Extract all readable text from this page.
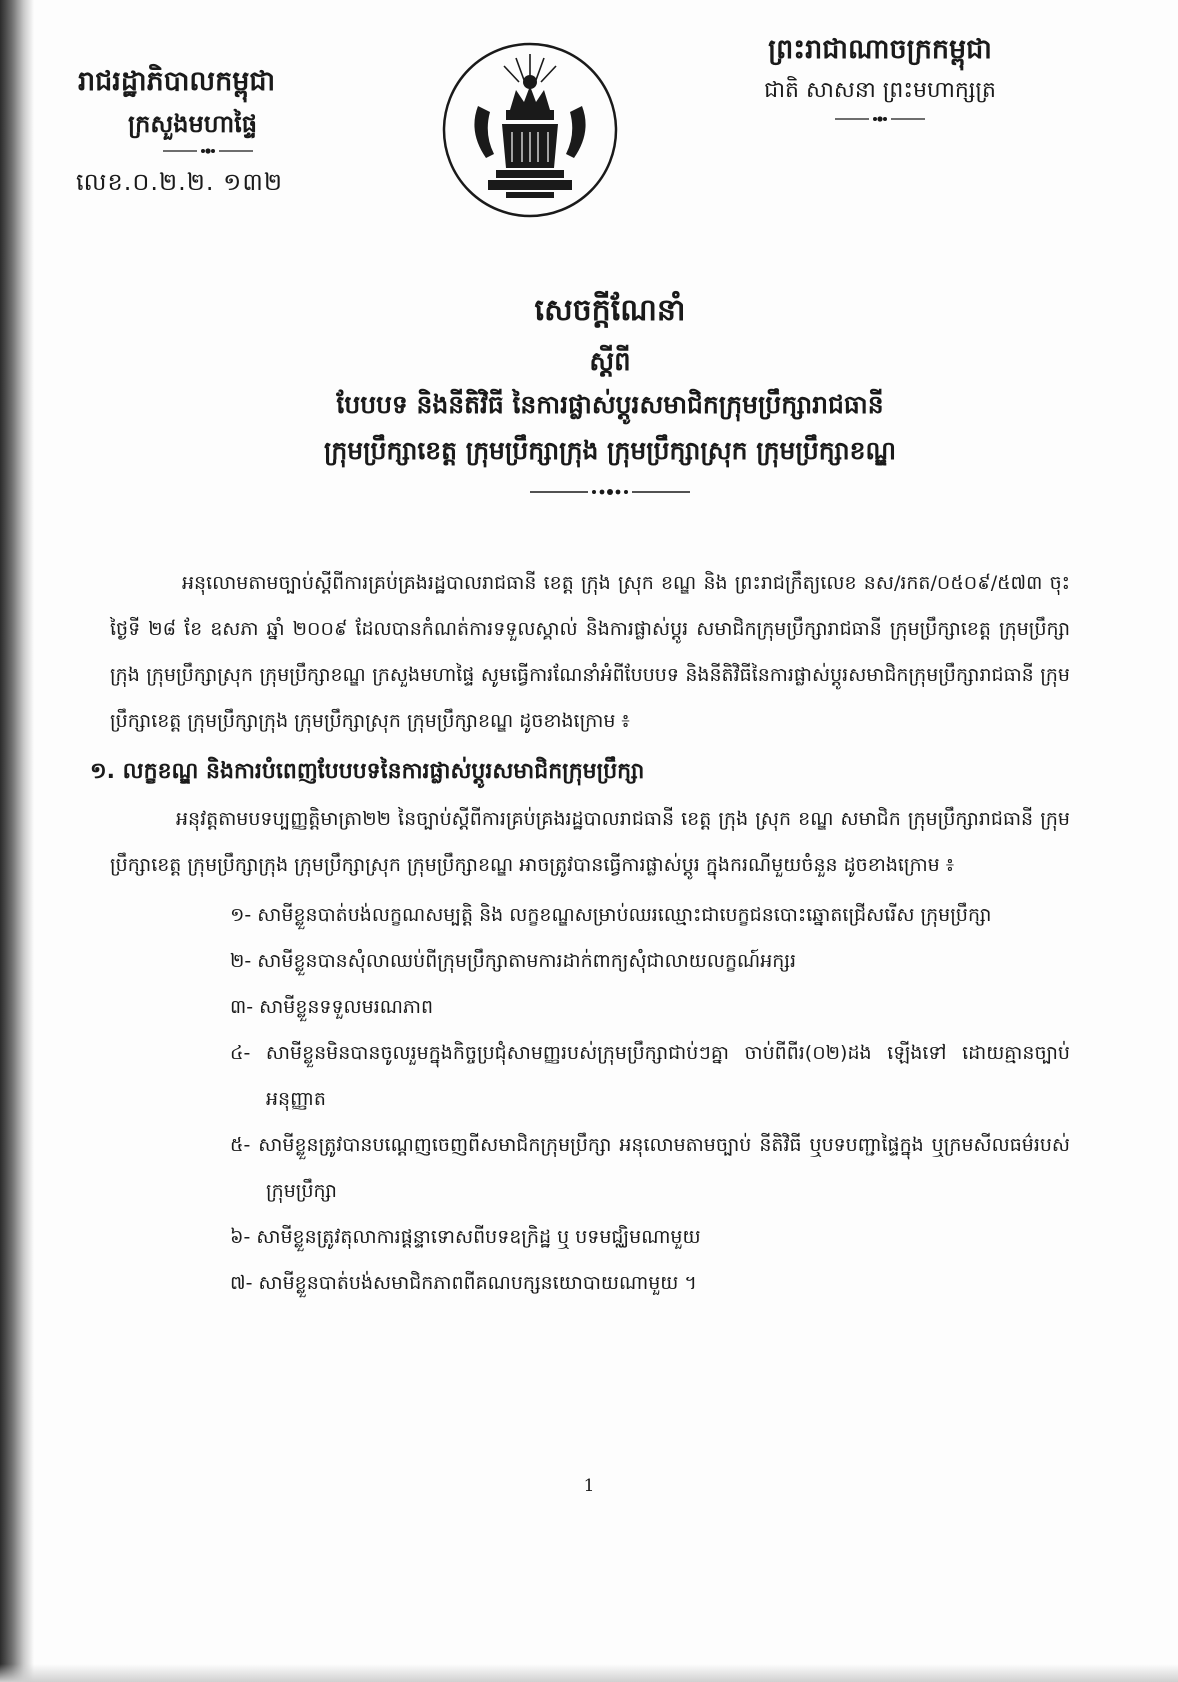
រាជរដ្ឋាភិបាលកម្ពុជា

ក្រសួងមហាផ្ទៃ

លេខ.០.២.២. ១៣២

ព្រះរាជាណាចក្រកម្ពុជា

ជាតិ សាសនា ព្រះមហាក្សត្រ

សេចក្ដីណែនាំ

ស្ដីពី

បែបបទ និងនីតិវិធី នៃការផ្លាស់ប្ដូរសមាជិកក្រុមប្រឹក្សារាជធានី

ក្រុមប្រឹក្សាខេត្ត ក្រុមប្រឹក្សាក្រុង ក្រុមប្រឹក្សាស្រុក ក្រុមប្រឹក្សាខណ្ឌ

អនុលោមតាមច្បាប់ស្ដីពីការគ្រប់គ្រងរដ្ឋបាលរាជធានី ខេត្ត ក្រុង ស្រុក ខណ្ឌ និង ព្រះរាជក្រឹត្យលេខ នស/រកត/០៥០៩/៥៧៣ ចុះថ្ងៃទី ២៨ ខែ ឧសភា ឆ្នាំ ២០០៩ ដែលបានកំណត់ការទទួលស្គាល់ និងការផ្លាស់ប្ដូរ សមាជិកក្រុមប្រឹក្សារាជធានី ក្រុមប្រឹក្សាខេត្ត ក្រុមប្រឹក្សាក្រុង ក្រុមប្រឹក្សាស្រុក ក្រុមប្រឹក្សាខណ្ឌ ក្រសួងមហាផ្ទៃ សូមធ្វើការណែនាំអំពីបែបបទ និងនីតិវិធីនៃការផ្លាស់ប្ដូរសមាជិកក្រុមប្រឹក្សារាជធានី ក្រុមប្រឹក្សាខេត្ត ក្រុមប្រឹក្សាក្រុង ក្រុមប្រឹក្សាស្រុក ក្រុមប្រឹក្សាខណ្ឌ ដូចខាងក្រោម ៖

១. លក្ខខណ្ឌ និងការបំពេញបែបបទនៃការផ្លាស់ប្ដូរសមាជិកក្រុមប្រឹក្សា

អនុវត្តតាមបទប្បញ្ញត្តិមាត្រា២២ នៃច្បាប់ស្ដីពីការគ្រប់គ្រងរដ្ឋបាលរាជធានី ខេត្ត ក្រុង ស្រុក ខណ្ឌ សមាជិក ក្រុមប្រឹក្សារាជធានី ក្រុមប្រឹក្សាខេត្ត ក្រុមប្រឹក្សាក្រុង ក្រុមប្រឹក្សាស្រុក ក្រុមប្រឹក្សាខណ្ឌ អាចត្រូវបានធ្វើការផ្លាស់ប្ដូរ ក្នុងករណីមួយចំនួន ដូចខាងក្រោម ៖

១- សាមីខ្លួនបាត់បង់លក្ខណសម្បត្តិ និង លក្ខខណ្ឌសម្រាប់ឈរឈ្មោះជាបេក្ខជនបោះឆ្នោតជ្រើសរើស ក្រុមប្រឹក្សា
២- សាមីខ្លួនបានសុំលាឈប់ពីក្រុមប្រឹក្សាតាមការដាក់ពាក្យសុំជាលាយលក្ខណ៍អក្សរ
៣- សាមីខ្លួនទទួលមរណភាព
៤- សាមីខ្លួនមិនបានចូលរួមក្នុងកិច្ចប្រជុំសាមញ្ញរបស់ក្រុមប្រឹក្សាជាប់ៗគ្នា ចាប់ពីពីរ(០២)ដង ឡើងទៅ ដោយគ្មានច្បាប់អនុញ្ញាត
៥- សាមីខ្លួនត្រូវបានបណ្ដេញចេញពីសមាជិកក្រុមប្រឹក្សា អនុលោមតាមច្បាប់ នីតិវិធី ឬបទបញ្ជាផ្ទៃក្នុង ឬក្រមសីលធម៌របស់ក្រុមប្រឹក្សា
៦- សាមីខ្លួនត្រូវតុលាការផ្ដន្ទាទោសពីបទឧក្រិដ្ឋ ឬ បទមជ្ឈិមណាមួយ
៧- សាមីខ្លួនបាត់បង់សមាជិកភាពពីគណបក្សនយោបាយណាមួយ ។
1
